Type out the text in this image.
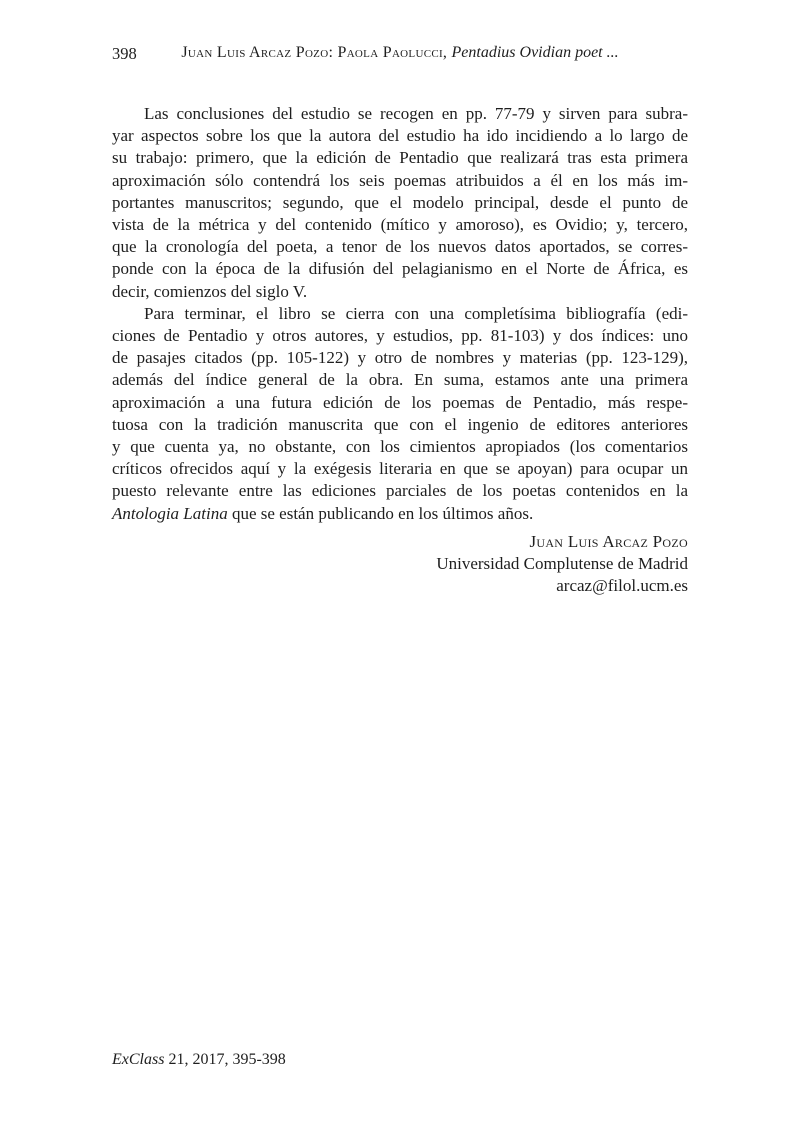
398	Juan Luis Arcaz Pozo: Paola Paolucci, Pentadius Ovidian poet ...
Las conclusiones del estudio se recogen en pp. 77-79 y sirven para subra-
yar aspectos sobre los que la autora del estudio ha ido incidiendo a lo largo de
su trabajo: primero, que la edición de Pentadio que realizará tras esta primera
aproximación sólo contendrá los seis poemas atribuidos a él en los más im-
portantes manuscritos; segundo, que el modelo principal, desde el punto de
vista de la métrica y del contenido (mítico y amoroso), es Ovidio; y, tercero,
que la cronología del poeta, a tenor de los nuevos datos aportados, se corres-
ponde con la época de la difusión del pelagianismo en el Norte de África, es
decir, comienzos del siglo V.
Para terminar, el libro se cierra con una completísima bibliografía (edi-
ciones de Pentadio y otros autores, y estudios, pp. 81-103) y dos índices: uno
de pasajes citados (pp. 105-122) y otro de nombres y materias (pp. 123-129),
además del índice general de la obra. En suma, estamos ante una primera
aproximación a una futura edición de los poemas de Pentadio, más respe-
tuosa con la tradición manuscrita que con el ingenio de editores anteriores
y que cuenta ya, no obstante, con los cimientos apropiados (los comentarios
críticos ofrecidos aquí y la exégesis literaria en que se apoyan) para ocupar un
puesto relevante entre las ediciones parciales de los poetas contenidos en la
Antologia Latina que se están publicando en los últimos años.
Juan Luis Arcaz Pozo
Universidad Complutense de Madrid
arcaz@filol.ucm.es
ExClass 21, 2017, 395-398
